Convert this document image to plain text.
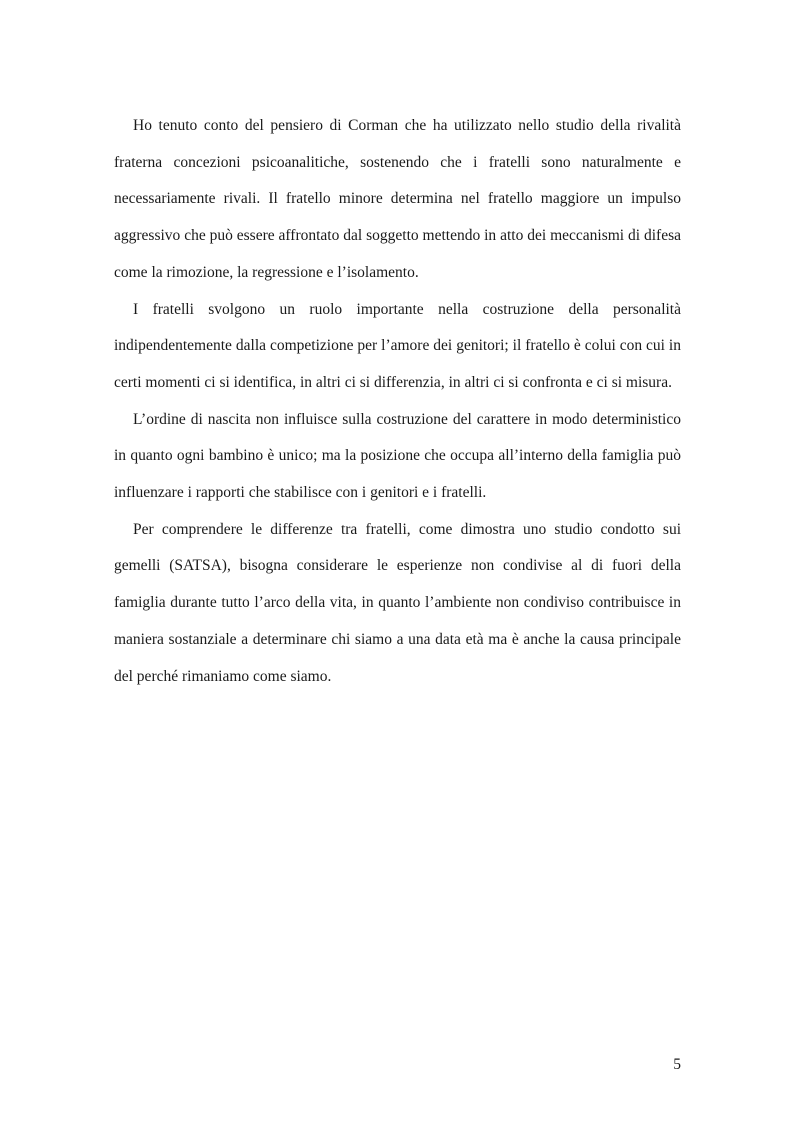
Ho tenuto conto del pensiero di Corman che ha utilizzato nello studio della rivalità fraterna concezioni psicoanalitiche, sostenendo che i fratelli sono naturalmente e necessariamente rivali. Il fratello minore determina nel fratello maggiore un impulso aggressivo che può essere affrontato dal soggetto mettendo in atto dei meccanismi di difesa come la rimozione, la regressione e l’isolamento.

I fratelli svolgono un ruolo importante nella costruzione della personalità indipendentemente dalla competizione per l’amore dei genitori; il fratello è colui con cui in certi momenti ci si identifica, in altri ci si differenzia, in altri ci si confronta e ci si misura.

L’ordine di nascita non influisce sulla costruzione del carattere in modo deterministico in quanto ogni bambino è unico; ma la posizione che occupa all’interno della famiglia può influenzare i rapporti che stabilisce con i genitori e i fratelli.

Per comprendere le differenze tra fratelli, come dimostra uno studio condotto sui gemelli (SATSA), bisogna considerare le esperienze non condivise al di fuori della famiglia durante tutto l’arco della vita, in quanto l’ambiente non condiviso contribuisce in maniera sostanziale a determinare chi siamo a una data età ma è anche la causa principale del perché rimaniamo come siamo.

5
